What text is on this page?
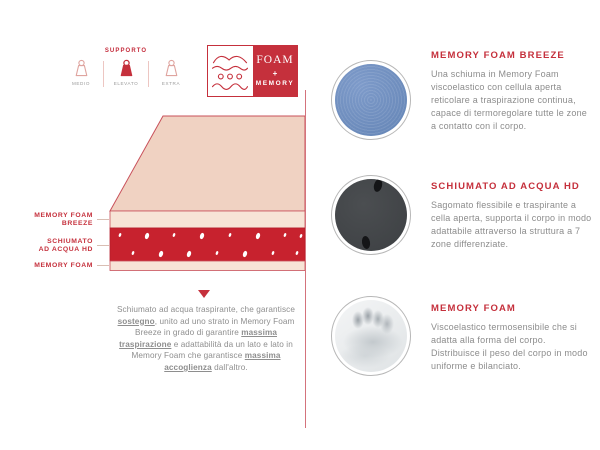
SUPPORTO
MEDIO	ELEVATO	EXTRA
FOAM
+
MEMORY
MEMORY FOAM
BREEZE
SCHIUMATO
AD ACQUA HD
MEMORY FOAM
Schiumato ad acqua traspirante, che garantisce sostegno, unito ad uno strato in Memory Foam Breeze in grado di garantire massima traspirazione e adattabilità da un lato e lato in Memory Foam che garantisce massima accoglienza dall'altro.
MEMORY FOAM BREEZE
Una schiuma in Memory Foam viscoelastico con cellula aperta reticolare a traspirazione continua, capace di termoregolare tutte le zone a contatto con il corpo.
SCHIUMATO AD ACQUA HD
Sagomato flessibile e traspirante a cella aperta, supporta il corpo in modo adattabile attraverso la struttura a 7 zone differenziate.
MEMORY FOAM
Viscoelastico termosensibile che si adatta alla forma del corpo. Distribuisce il peso del corpo in modo uniforme e bilanciato.
